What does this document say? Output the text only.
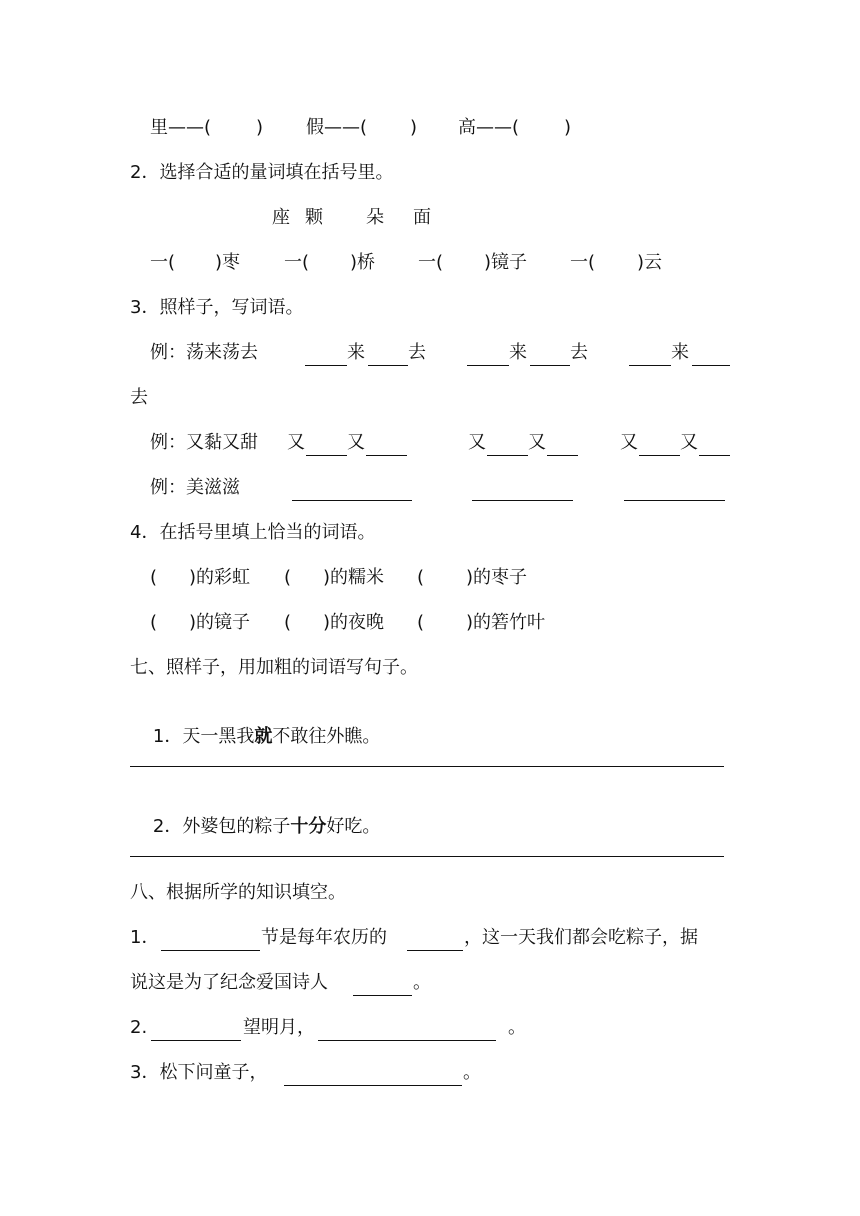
里——( ) 假——( ) 高——( )
2．选择合适的量词填在括号里。
座 颗 朵 面
一( )枣 一( )桥 一( )镜子 一( )云
3．照样子，写词语。
例：荡来荡去	来 去	来 去	来
去
例：又黏又甜 又 又	又 又	又 又
例：美滋滋
4．在括号里填上恰当的词语。
( )的彩虹 ( )的糯米 ( )的枣子
( )的镜子 ( )的夜晚 ( )的箬竹叶
七、照样子，用加粗的词语写句子。

1．天一黑我就不敢往外瞧。

2．外婆包的粽子十分好吃。

八、根据所学的知识填空。
1．	节是每年农历的	，这一天我们都会吃粽子，据
说这是为了纪念爱国诗人	。
2.	望明月，	。
3．松下问童子，	。
